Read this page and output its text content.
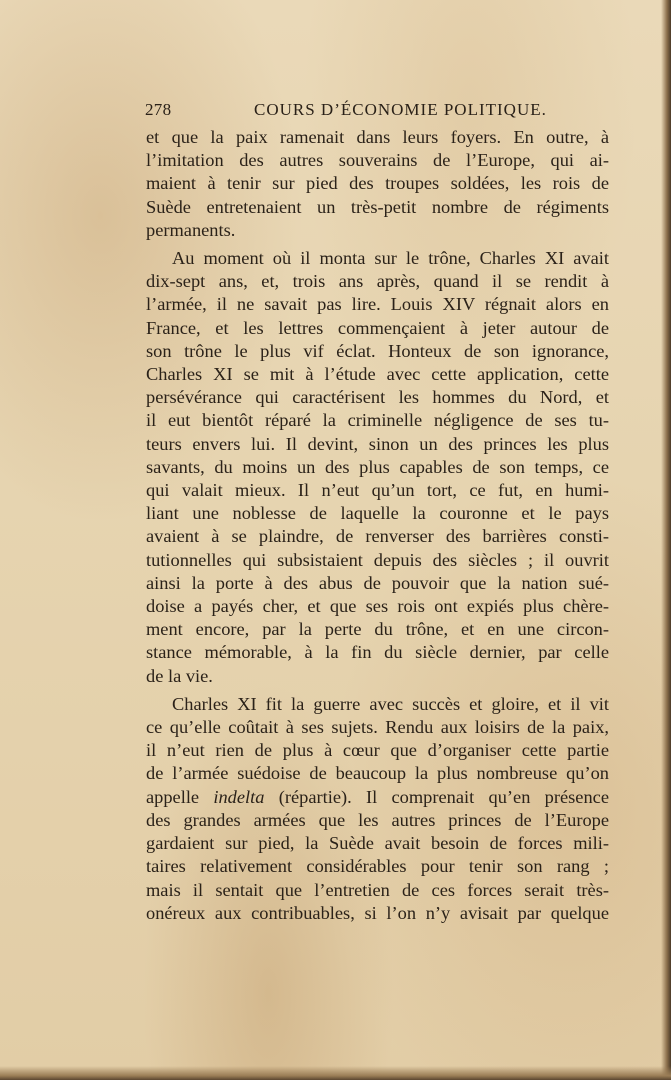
278	COURS D’ÉCONOMIE POLITIQUE.

et que la paix ramenait dans leurs foyers. En outre, à

l’imitation des autres souverains de l’Europe, qui ai-

maient à tenir sur pied des troupes soldées, les rois de

Suède entretenaient un très-petit nombre de régiments

permanents.

Au moment où il monta sur le trône, Charles XI avait

dix-sept ans, et, trois ans après, quand il se rendit à

l’armée, il ne savait pas lire. Louis XIV régnait alors en

France, et les lettres commençaient à jeter autour de

son trône le plus vif éclat. Honteux de son ignorance,

Charles XI se mit à l’étude avec cette application, cette

persévérance qui caractérisent les hommes du Nord, et

il eut bientôt réparé la criminelle négligence de ses tu-

teurs envers lui. Il devint, sinon un des princes les plus

savants, du moins un des plus capables de son temps, ce

qui valait mieux. Il n’eut qu’un tort, ce fut, en humi-

liant une noblesse de laquelle la couronne et le pays

avaient à se plaindre, de renverser des barrières consti-

tutionnelles qui subsistaient depuis des siècles ; il ouvrit

ainsi la porte à des abus de pouvoir que la nation sué-

doise a payés cher, et que ses rois ont expiés plus chère-

ment encore, par la perte du trône, et en une circon-

stance mémorable, à la fin du siècle dernier, par celle

de la vie.

Charles XI fit la guerre avec succès et gloire, et il vit

ce qu’elle coûtait à ses sujets. Rendu aux loisirs de la paix,

il n’eut rien de plus à cœur que d’organiser cette partie

de l’armée suédoise de beaucoup la plus nombreuse qu’on

appelle indelta (répartie). Il comprenait qu’en présence

des grandes armées que les autres princes de l’Europe

gardaient sur pied, la Suède avait besoin de forces mili-

taires relativement considérables pour tenir son rang ;

mais il sentait que l’entretien de ces forces serait très-

onéreux aux contribuables, si l’on n’y avisait par quelque
